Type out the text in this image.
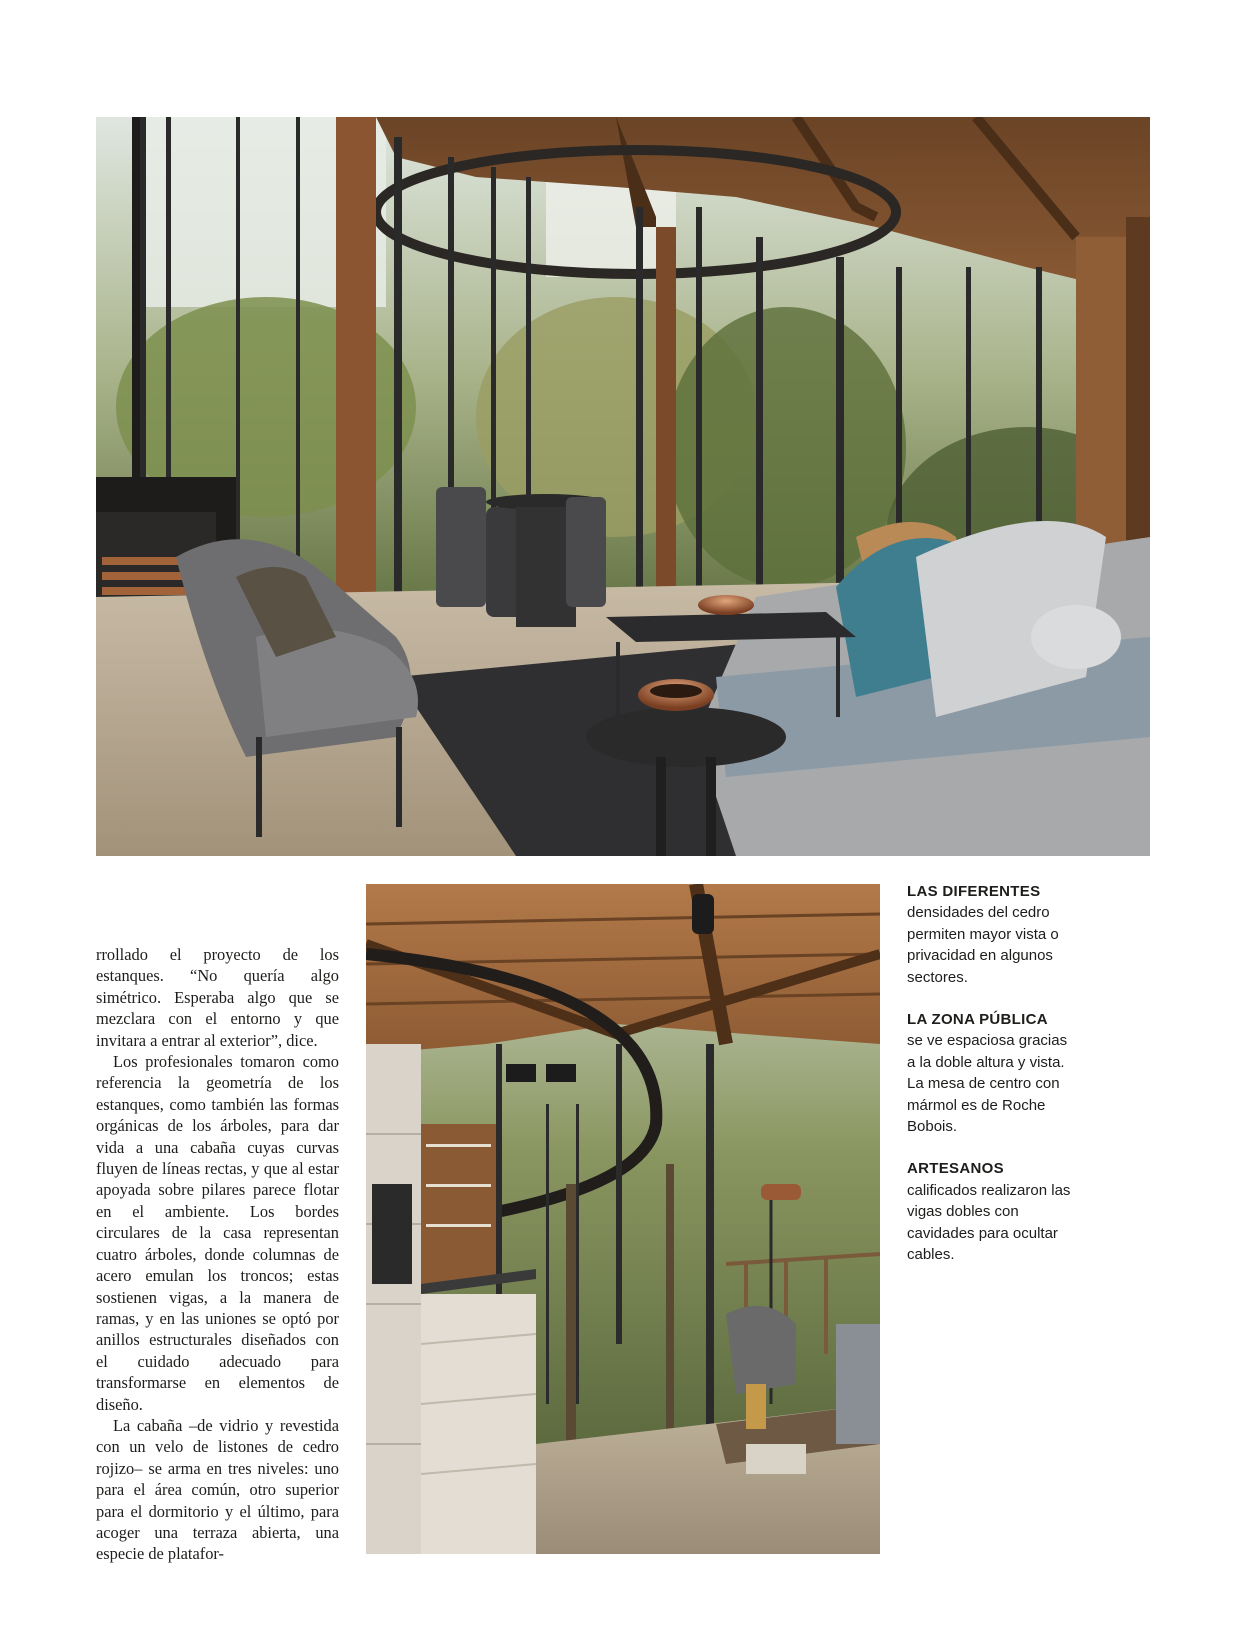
rrollado el proyecto de los estanques. “No quería algo simétrico. Esperaba algo que se mezclara con el entorno y que invitara a entrar al exterior”, dice.

Los profesionales tomaron como referencia la geometría de los estanques, como también las formas orgánicas de los árboles, para dar vida a una cabaña cuyas curvas fluyen de líneas rectas, y que al estar apoyada sobre pilares parece flotar en el ambiente. Los bordes circulares de la casa representan cuatro árboles, donde columnas de acero emulan los troncos; estas sostienen vigas, a la manera de ramas, y en las uniones se optó por anillos estructurales diseñados con el cuidado adecuado para transformarse en elementos de diseño.

La cabaña –de vidrio y revestida con un velo de listones de cedro rojizo– se arma en tres niveles: uno para el área común, otro superior para el dormitorio y el último, para acoger una terraza abierta, una especie de platafor-

LAS DIFERENTES
densidades del cedro permiten mayor vista o privacidad en algunos sectores.

LA ZONA PÚBLICA
se ve espaciosa gracias a la doble altura y vista. La mesa de centro con mármol es de Roche Bobois.

ARTESANOS
calificados realizaron las vigas dobles con cavidades para ocultar cables.
